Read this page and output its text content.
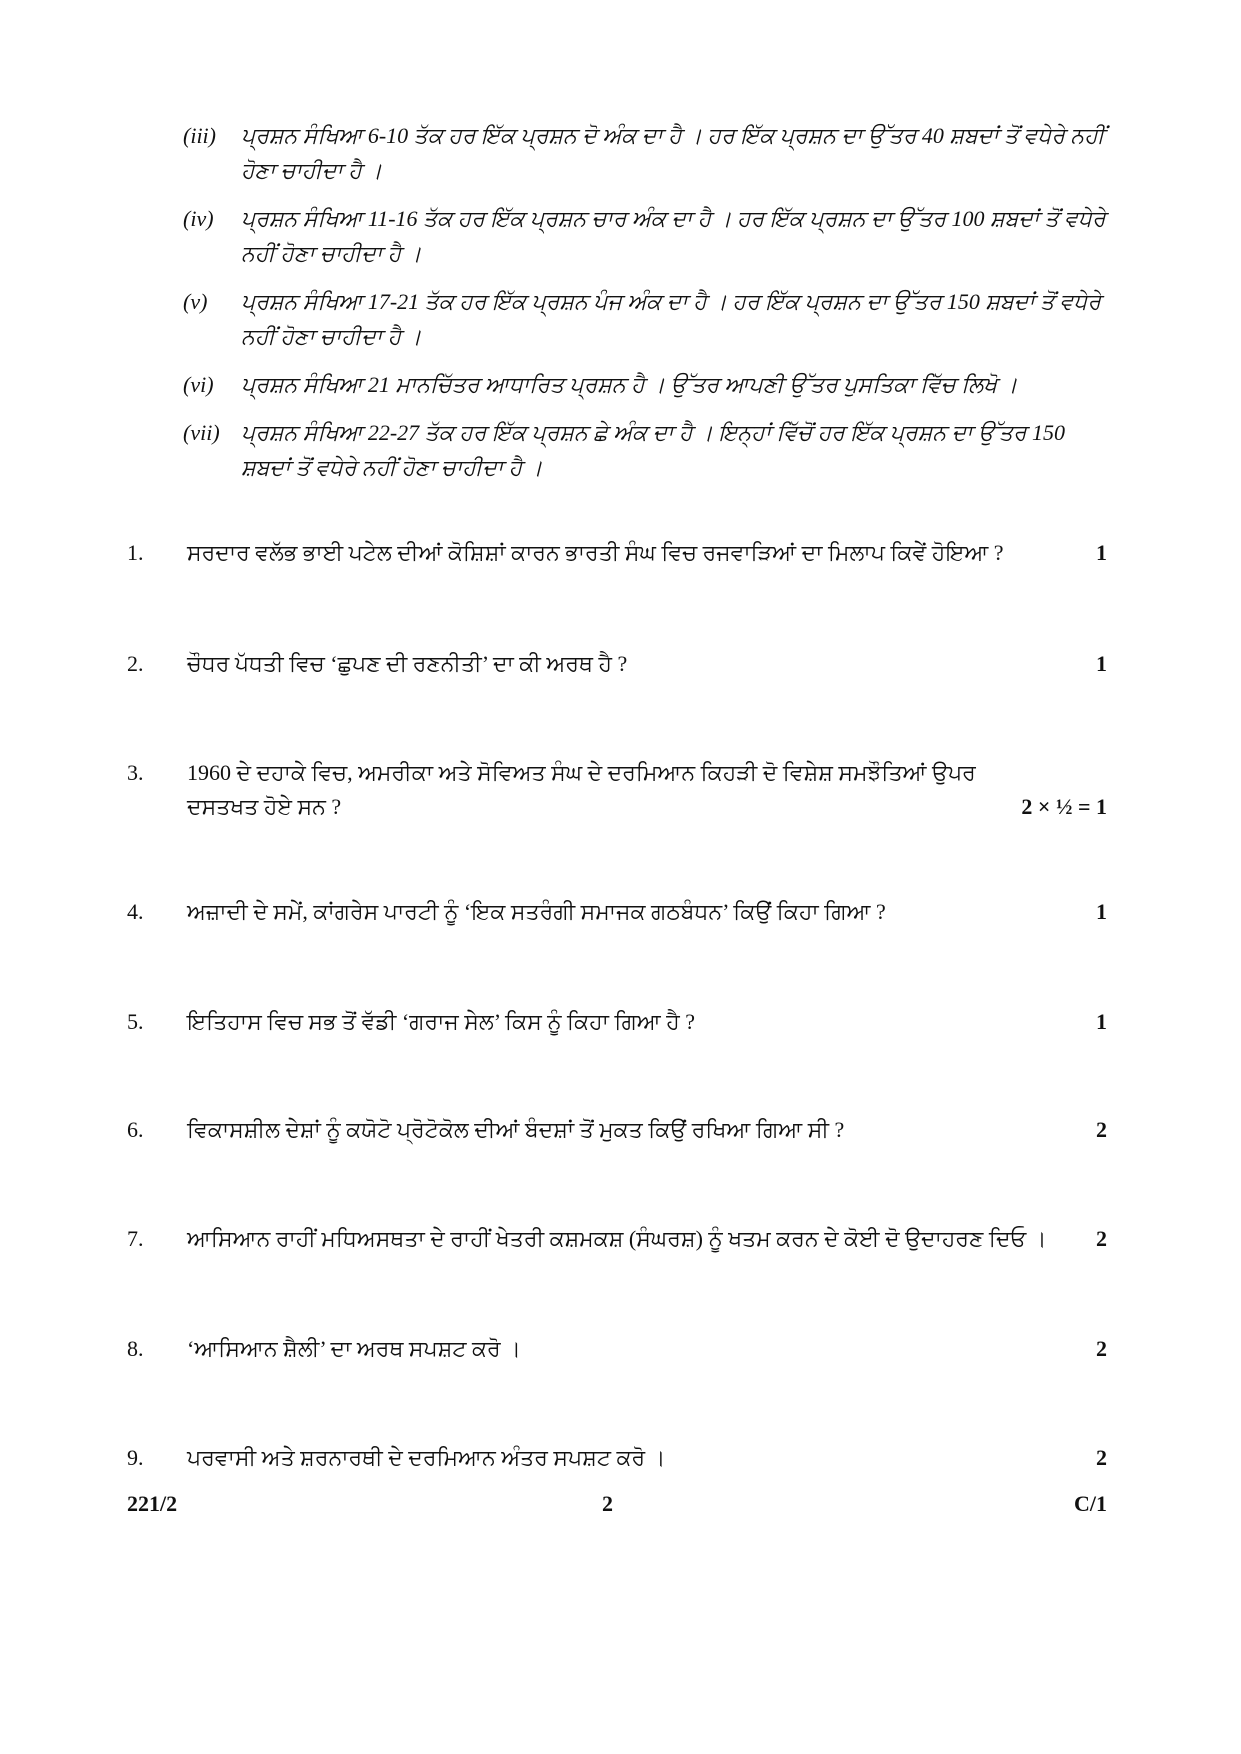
(iii)	ਪ੍ਰਸ਼ਨ ਸੰਖਿਆ 6-10 ਤੱਕ ਹਰ ਇੱਕ ਪ੍ਰਸ਼ਨ ਦੋ ਅੰਕ ਦਾ ਹੈ । ਹਰ ਇੱਕ ਪ੍ਰਸ਼ਨ ਦਾ ਉੱਤਰ 40 ਸ਼ਬਦਾਂ ਤੋਂ ਵਧੇਰੇ ਨਹੀਂ ਹੋਣਾ ਚਾਹੀਦਾ ਹੈ ।
(iv)	ਪ੍ਰਸ਼ਨ ਸੰਖਿਆ 11-16 ਤੱਕ ਹਰ ਇੱਕ ਪ੍ਰਸ਼ਨ ਚਾਰ ਅੰਕ ਦਾ ਹੈ । ਹਰ ਇੱਕ ਪ੍ਰਸ਼ਨ ਦਾ ਉੱਤਰ 100 ਸ਼ਬਦਾਂ ਤੋਂ ਵਧੇਰੇ ਨਹੀਂ ਹੋਣਾ ਚਾਹੀਦਾ ਹੈ ।
(v)	ਪ੍ਰਸ਼ਨ ਸੰਖਿਆ 17-21 ਤੱਕ ਹਰ ਇੱਕ ਪ੍ਰਸ਼ਨ ਪੰਜ ਅੰਕ ਦਾ ਹੈ । ਹਰ ਇੱਕ ਪ੍ਰਸ਼ਨ ਦਾ ਉੱਤਰ 150 ਸ਼ਬਦਾਂ ਤੋਂ ਵਧੇਰੇ ਨਹੀਂ ਹੋਣਾ ਚਾਹੀਦਾ ਹੈ ।
(vi)	ਪ੍ਰਸ਼ਨ ਸੰਖਿਆ 21 ਮਾਨਚਿੱਤਰ ਆਧਾਰਿਤ ਪ੍ਰਸ਼ਨ ਹੈ । ਉੱਤਰ ਆਪਣੀ ਉੱਤਰ ਪੁਸਤਿਕਾ ਵਿੱਚ ਲਿਖੋ ।
(vii) ਪ੍ਰਸ਼ਨ ਸੰਖਿਆ 22-27 ਤੱਕ ਹਰ ਇੱਕ ਪ੍ਰਸ਼ਨ ਛੇ ਅੰਕ ਦਾ ਹੈ । ਇਨ੍ਹਾਂ ਵਿੱਚੋਂ ਹਰ ਇੱਕ ਪ੍ਰਸ਼ਨ ਦਾ ਉੱਤਰ 150 ਸ਼ਬਦਾਂ ਤੋਂ ਵਧੇਰੇ ਨਹੀਂ ਹੋਣਾ ਚਾਹੀਦਾ ਹੈ ।
1. ਸਰਦਾਰ ਵਲੱਭ ਭਾਈ ਪਟੇਲ ਦੀਆਂ ਕੋਸ਼ਿਸ਼ਾਂ ਕਾਰਨ ਭਾਰਤੀ ਸੰਘ ਵਿਚ ਰਜਵਾੜਿਆਂ ਦਾ ਮਿਲਾਪ ਕਿਵੇਂ ਹੋਇਆ ?	1
2. ਚੌਧਰ ਪੱਧਤੀ ਵਿਚ ‘ਛੁਪਣ ਦੀ ਰਣਨੀਤੀ’ ਦਾ ਕੀ ਅਰਥ ਹੈ ?	1
3. 1960 ਦੇ ਦਹਾਕੇ ਵਿਚ, ਅਮਰੀਕਾ ਅਤੇ ਸੋਵਿਅਤ ਸੰਘ ਦੇ ਦਰਮਿਆਨ ਕਿਹੜੀ ਦੋ ਵਿਸ਼ੇਸ਼ ਸਮਝੌਤਿਆਂ ਉਪਰ ਦਸਤਖਤ ਹੋਏ ਸਨ ?	2 × ½ = 1
4. ਅਜ਼ਾਦੀ ਦੇ ਸਮੇਂ, ਕਾਂਗਰੇਸ ਪਾਰਟੀ ਨੂੰ ‘ਇਕ ਸਤਰੰਗੀ ਸਮਾਜਕ ਗਠਬੰਧਨ’ ਕਿਉਂ ਕਿਹਾ ਗਿਆ ?	1
5. ਇਤਿਹਾਸ ਵਿਚ ਸਭ ਤੋਂ ਵੱਡੀ ‘ਗਰਾਜ ਸੇਲ’ ਕਿਸ ਨੂੰ ਕਿਹਾ ਗਿਆ ਹੈ ?	1
6. ਵਿਕਾਸਸ਼ੀਲ ਦੇਸ਼ਾਂ ਨੂੰ ਕਯੋਟੋ ਪ੍ਰੋਟੋਕੋਲ ਦੀਆਂ ਬੰਦਸ਼ਾਂ ਤੋਂ ਮੁਕਤ ਕਿਉਂ ਰਖਿਆ ਗਿਆ ਸੀ ?	2
7. ਆਸਿਆਨ ਰਾਹੀਂ ਮਧਿਅਸਥਤਾ ਦੇ ਰਾਹੀਂ ਖੇਤਰੀ ਕਸ਼ਮਕਸ਼ (ਸੰਘਰਸ਼) ਨੂੰ ਖਤਮ ਕਰਨ ਦੇ ਕੋਈ ਦੋ ਉਦਾਹਰਣ ਦਿਓ । 2
8. ‘ਆਸਿਆਨ ਸ਼ੈਲੀ’ ਦਾ ਅਰਥ ਸਪਸ਼ਟ ਕਰੋ ।	2
9. ਪਰਵਾਸੀ ਅਤੇ ਸ਼ਰਨਾਰਥੀ ਦੇ ਦਰਮਿਆਨ ਅੰਤਰ ਸਪਸ਼ਟ ਕਰੋ ।	2
221/2	2	C/1
